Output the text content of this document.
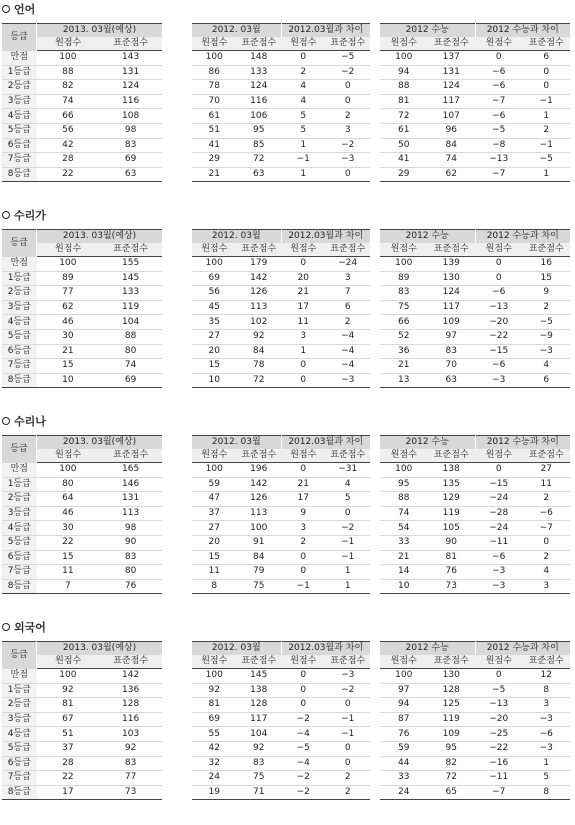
언어
등급	2013. 03월(예상)	
	원점수	표준점수
만점	100	143
1등급	88	131
2등급	82	124
3등급	74	116
4등급	66	108
5등급	56	98
6등급	42	83
7등급	28	69
8등급	22	63
2012. 03월		2012.03월과 차이	
원점수	표준점수	원점수	표준점수
100	148	0	−5
86	133	2	−2
78	124	4	0
70	116	4	0
61	106	5	2
51	95	5	3
41	85	1	−2
29	72	−1	−3
21	63	1	0
2012 수능		2012 수능과 차이	
원점수	표준점수	원점수	표준점수
100	137	0	6
94	131	−6	0
88	124	−6	0
81	117	−7	−1
72	107	−6	1
61	96	−5	2
50	84	−8	−1
41	74	−13	−5
29	62	−7	1
수리가
등급	2013. 03월(예상)	
	원점수	표준점수
만점	100	155
1등급	89	145
2등급	77	133
3등급	62	119
4등급	46	104
5등급	30	88
6등급	21	80
7등급	15	74
8등급	10	69
2012. 03월		2012.03월과 차이	
원점수	표준점수	원점수	표준점수
100	179	0	−24
69	142	20	3
56	126	21	7
45	113	17	6
35	102	11	2
27	92	3	−4
20	84	1	−4
15	78	0	−4
10	72	0	−3
2012 수능		2012 수능과 차이	
원점수	표준점수	원점수	표준점수
100	139	0	16
89	130	0	15
83	124	−6	9
75	117	−13	2
66	109	−20	−5
52	97	−22	−9
36	83	−15	−3
21	70	−6	4
13	63	−3	6
수리나
등급	2013. 03월(예상)	
	원점수	표준점수
만점	100	165
1등급	80	146
2등급	64	131
3등급	46	113
4등급	30	98
5등급	22	90
6등급	15	83
7등급	11	80
8등급	7	76
2012. 03월		2012.03월과 차이	
원점수	표준점수	원점수	표준점수
100	196	0	−31
59	142	21	4
47	126	17	5
37	113	9	0
27	100	3	−2
20	91	2	−1
15	84	0	−1
11	79	0	1
8	75	−1	1
2012 수능		2012 수능과 차이	
원점수	표준점수	원점수	표준점수
100	138	0	27
95	135	−15	11
88	129	−24	2
74	119	−28	−6
54	105	−24	−7
33	90	−11	0
21	81	−6	2
14	76	−3	4
10	73	−3	3
외국어
등급	2013. 03월(예상)	
	원점수	표준점수
만점	100	142
1등급	92	136
2등급	81	128
3등급	67	116
4등급	51	103
5등급	37	92
6등급	28	83
7등급	22	77
8등급	17	73
2012. 03월		2012.03월과 차이	
원점수	표준점수	원점수	표준점수
100	145	0	−3
92	138	0	−2
81	128	0	0
69	117	−2	−1
55	104	−4	−1
42	92	−5	0
32	83	−4	0
24	75	−2	2
19	71	−2	2
2012 수능		2012 수능과 차이	
원점수	표준점수	원점수	표준점수
100	130	0	12
97	128	−5	8
94	125	−13	3
87	119	−20	−3
76	109	−25	−6
59	95	−22	−3
44	82	−16	1
33	72	−11	5
24	65	−7	8
